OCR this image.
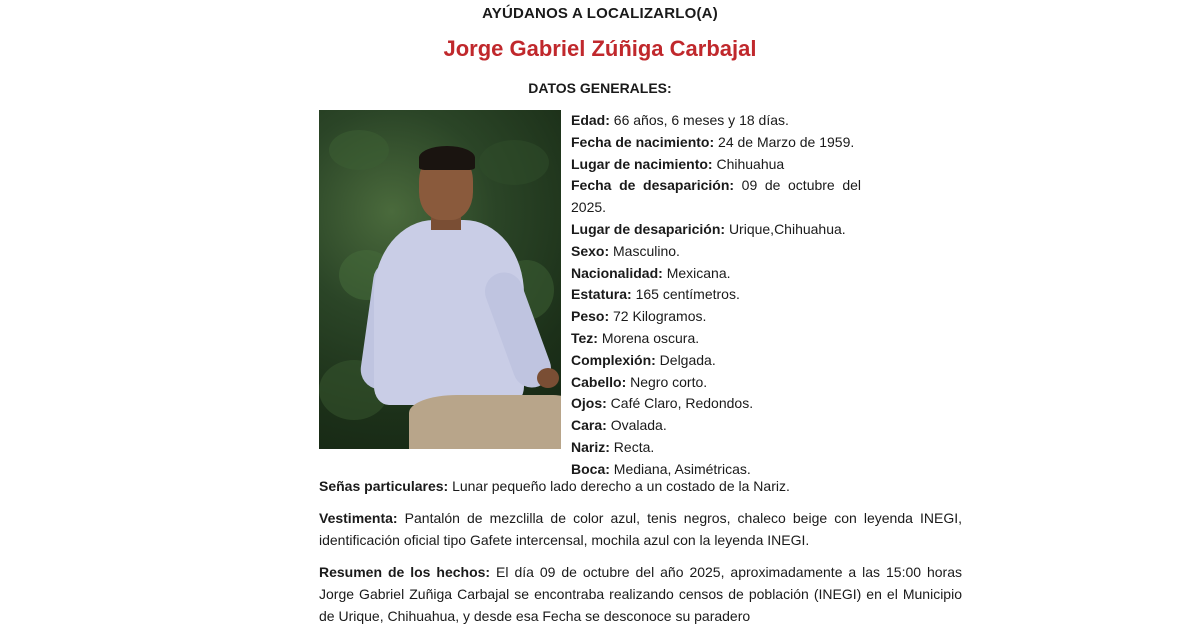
AYÚDANOS A LOCALIZARLO(A)
Jorge Gabriel Zúñiga Carbajal
DATOS GENERALES:
Edad: 66 años, 6 meses y 18 días.
Fecha de nacimiento: 24 de Marzo de 1959.
Lugar de nacimiento: Chihuahua
Fecha de desaparición: 09 de octubre del 2025.
Lugar de desaparición: Urique,Chihuahua.
Sexo: Masculino.
Nacionalidad: Mexicana.
Estatura: 165 centímetros.
Peso: 72 Kilogramos.
Tez: Morena oscura.
Complexión: Delgada.
Cabello: Negro corto.
Ojos: Café Claro, Redondos.
Cara: Ovalada.
Nariz: Recta.
Boca: Mediana, Asimétricas.
Señas particulares: Lunar pequeño lado derecho a un costado de la Nariz.
Vestimenta: Pantalón de mezclilla de color azul, tenis negros, chaleco beige con leyenda INEGI, identificación oficial tipo Gafete intercensal, mochila azul con la leyenda INEGI.
Resumen de los hechos: El día 09 de octubre del año 2025, aproximadamente a las 15:00 horas Jorge Gabriel Zuñiga Carbajal se encontraba realizando censos de población (INEGI) en el Municipio de Urique, Chihuahua, y desde esa Fecha se desconoce su paradero
